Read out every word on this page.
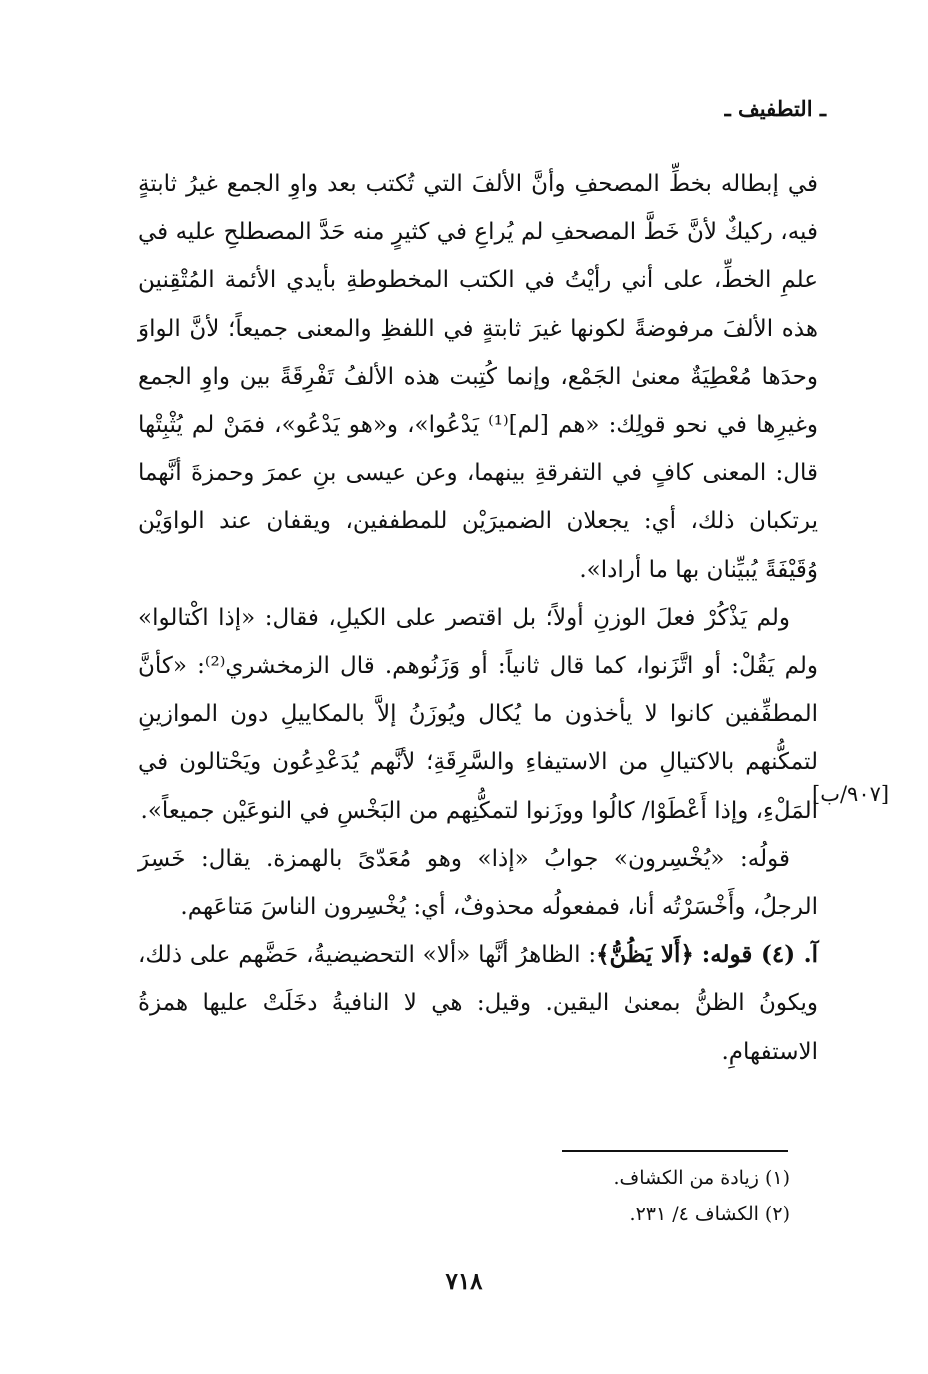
ـ التطفيف ـ

في إبطاله بخطِّ المصحفِ وأنَّ الألفَ التي تُكتب بعد واوِ الجمع غيرُ ثابتةٍ فيه، ركيكٌ لأنَّ خَطَّ المصحفِ لم يُراعِ في كثيرٍ منه حَدَّ المصطلحِ عليه في علمِ الخطِّ، على أني رأيْتُ في الكتب المخطوطةِ بأيدي الأئمة المُتْقِنين هذه الألفَ مرفوضةً لكونها غيرَ ثابتةٍ في اللفظِ والمعنى جميعاً؛ لأنَّ الواوَ وحدَها مُعْطِيَةٌ معنىٰ الجَمْع، وإنما كُتِبت هذه الألفُ تَفْرِقَةً بين واوِ الجمع وغيرِها في نحو قولِك: «هم [لم]⁽¹⁾ يَدْعُوا»، و«هو يَدْعُو»، فمَنْ لم يُثْبِتْها قال: المعنى كافٍ في التفرقةِ بينهما، وعن عيسى بنِ عمرَ وحمزةَ أنَّهما يرتكبان ذلك، أي: يجعلان الضميرَيْن للمطففين، ويقفان عند الواوَيْن وُقَيْفَةً يُبيِّنان بها ما أرادا».

ولم يَذْكُرْ فعلَ الوزنِ أولاً؛ بل اقتصر على الكيلِ، فقال: «إذا اكْتالوا» ولم يَقُلْ: أو اتَّزَنوا، كما قال ثانياً: أو وَزَنُوهم. قال الزمخشري⁽²⁾: «كأنَّ المطفِّفين كانوا لا يأخذون ما يُكال ويُوزَنُ إلاَّ بالمكاييلِ دون الموازينِ لتمكُّنهم بالاكتيالِ من الاستيفاءِ والسَّرِقَةِ؛ لأنَّهم يُدَعْدِعُون ويَحْتالون في المَلْءِ، وإذا أَعْطَوْا/ كالُوا ووزَنوا لتمكُّنِهم من البَخْسِ في النوعَيْن جميعاً».

قولُه: «يُخْسِرون» جوابُ «إذا» وهو مُعَدّىً بالهمزة. يقال: خَسِرَ الرجلُ، وأَخْسَرْتُه أنا، فمفعولُه محذوفٌ، أي: يُخْسِرون الناسَ مَتاعَهم.

آ. (٤) قوله: ﴿أَلا يَظُنُّ﴾: الظاهرُ أنَّها «ألا» التحضيضيةُ، حَضَّهم على ذلك، ويكونُ الظنُّ بمعنىٰ اليقين. وقيل: هي لا النافيةُ دخَلَتْ عليها همزةُ الاستفهامِ.

[٩٠٧/ب]
(١) زيادة من الكشاف.
(٢) الكشاف ٤/ ٢٣١.
٧١٨
